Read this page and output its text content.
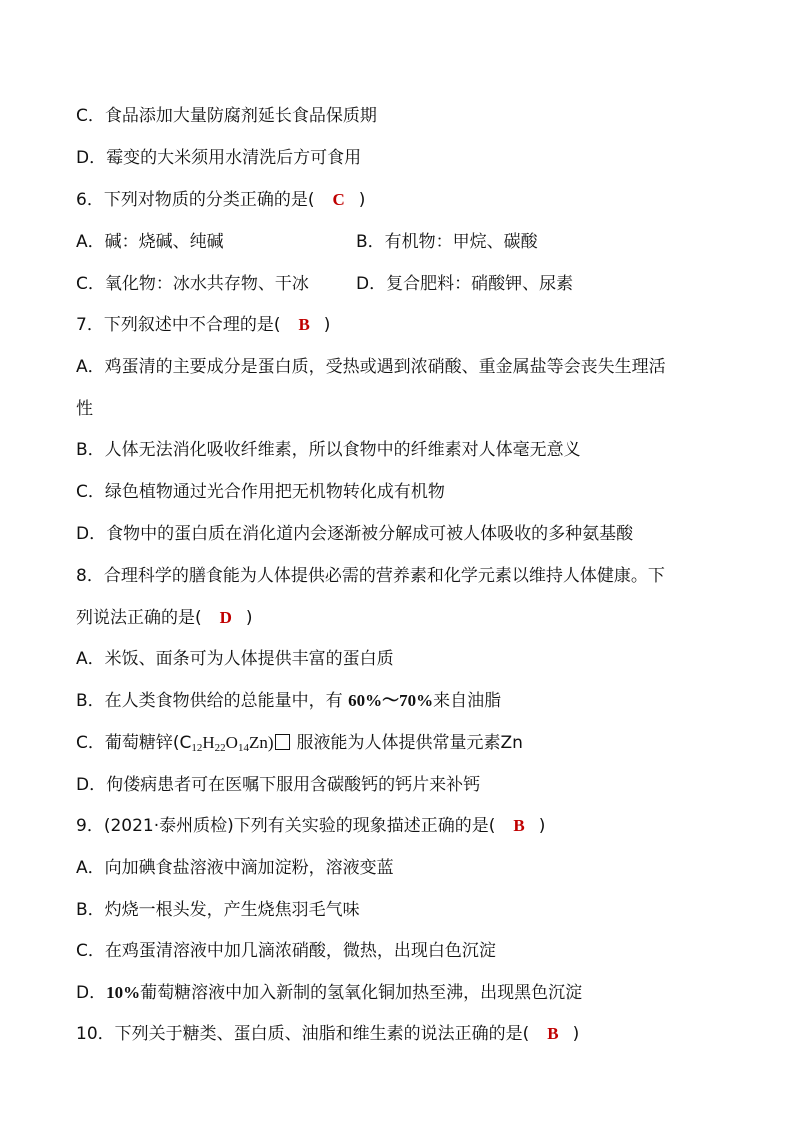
C．食品添加大量防腐剂延长食品保质期
D．霉变的大米须用水清洗后方可食用
6．下列对物质的分类正确的是( C )
A．碱：烧碱、纯碱	B．有机物：甲烷、碳酸
C．氧化物：冰水共存物、干冰	D．复合肥料：硝酸钾、尿素
7．下列叙述中不合理的是( B )
A．鸡蛋清的主要成分是蛋白质，受热或遇到浓硝酸、重金属盐等会丧失生理活
性
B．人体无法消化吸收纤维素，所以食物中的纤维素对人体毫无意义
C．绿色植物通过光合作用把无机物转化成有机物
D．食物中的蛋白质在消化道内会逐渐被分解成可被人体吸收的多种氨基酸
8．合理科学的膳食能为人体提供必需的营养素和化学元素以维持人体健康。下
列说法正确的是( D )
A．米饭、面条可为人体提供丰富的蛋白质
B．在人类食物供给的总能量中，有 60%～70%来自油脂
C．葡萄糖锌$(C_{12}H_{22}O_{14}Zn)$ 服液能为人体提供常量元素Zn
D．佝偻病患者可在医嘱下服用含碳酸钙的钙片来补钙
9．(2021·泰州质检)下列有关实验的现象描述正确的是( B )
A．向加碘食盐溶液中滴加淀粉，溶液变蓝
B．灼烧一根头发，产生烧焦羽毛气味
C．在鸡蛋清溶液中加几滴浓硝酸，微热，出现白色沉淀
D．10%葡萄糖溶液中加入新制的氢氧化铜加热至沸，出现黑色沉淀
10．下列关于糖类、蛋白质、油脂和维生素的说法正确的是( B )
